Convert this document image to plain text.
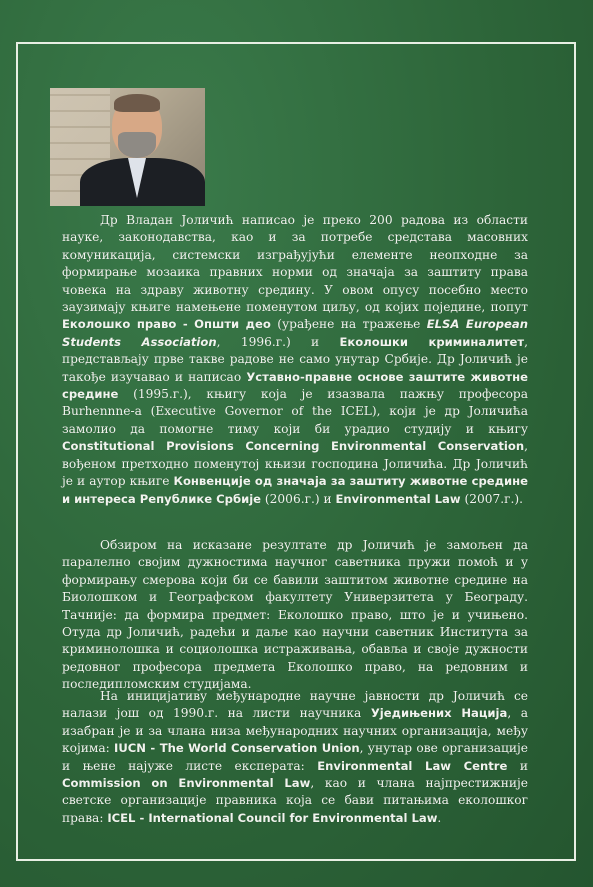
Др Владан Јоличић написао је преко 200 радова из области науке, законодавства, као и за потребе средстава масовних комуникација, системски изграђујући елементе неопходне за формирање мозаика правних норми од значаја за заштиту права човека на здраву животну средину. У овом опусу посебно место заузимају књиге намењене поменутом циљу, од којих поједине, попут Еколошко право - Општи део (урађене на тражење ELSA European Students Association, 1996.г.) и Еколошки криминалитет, представљају прве такве радове не само унутар Србије. Др Јоличић је такође изучавао и написао Уставно-правне основе заштите животне средине (1995.г.), књигу која је изазвала пажњу професора Burhennne-a (Executive Governor of the ICEL), који је др Јоличића замолио да помогне тиму који би урадио студију и књигу Constitutional Provisions Concerning Environmental Conservation, вођеном претходно поменутој књизи господина Јоличића. Др Јоличић је и аутор књиге Конвенције од значаја за заштиту животне средине и интереса Републике Србије (2006.г.) и Environmental Law (2007.г.).
Обзиром на исказане резултате др Јоличић је замољен да паралелно својим дужностима научног саветника пружи помоћ и у формирању смерова који би се бавили заштитом животне средине на Биолошком и Географском факултету Универзитета у Београду. Тачније: да формира предмет: Еколошко право, што је и учињено. Отуда др Јоличић, радећи и даље као научни саветник Института за криминолошка и социолошка истраживања, обавља и своје дужности редовног професора предмета Еколошко право, на редовним и последипломским студијама.
На иницијативу међународне научне јавности др Јоличић се налази још од 1990.г. на листи научника Уједињених Нација, а изабран је и за члана низа међународних научних организација, међу којима: IUCN - The World Conservation Union, унутар ове организације и њене најуже листе експерата: Environmental Law Centre и Commission on Environmental Law, као и члана најпрестижније светске организације правника која се бави питањима еколошког права: ICEL - International Council for Environmental Law.
